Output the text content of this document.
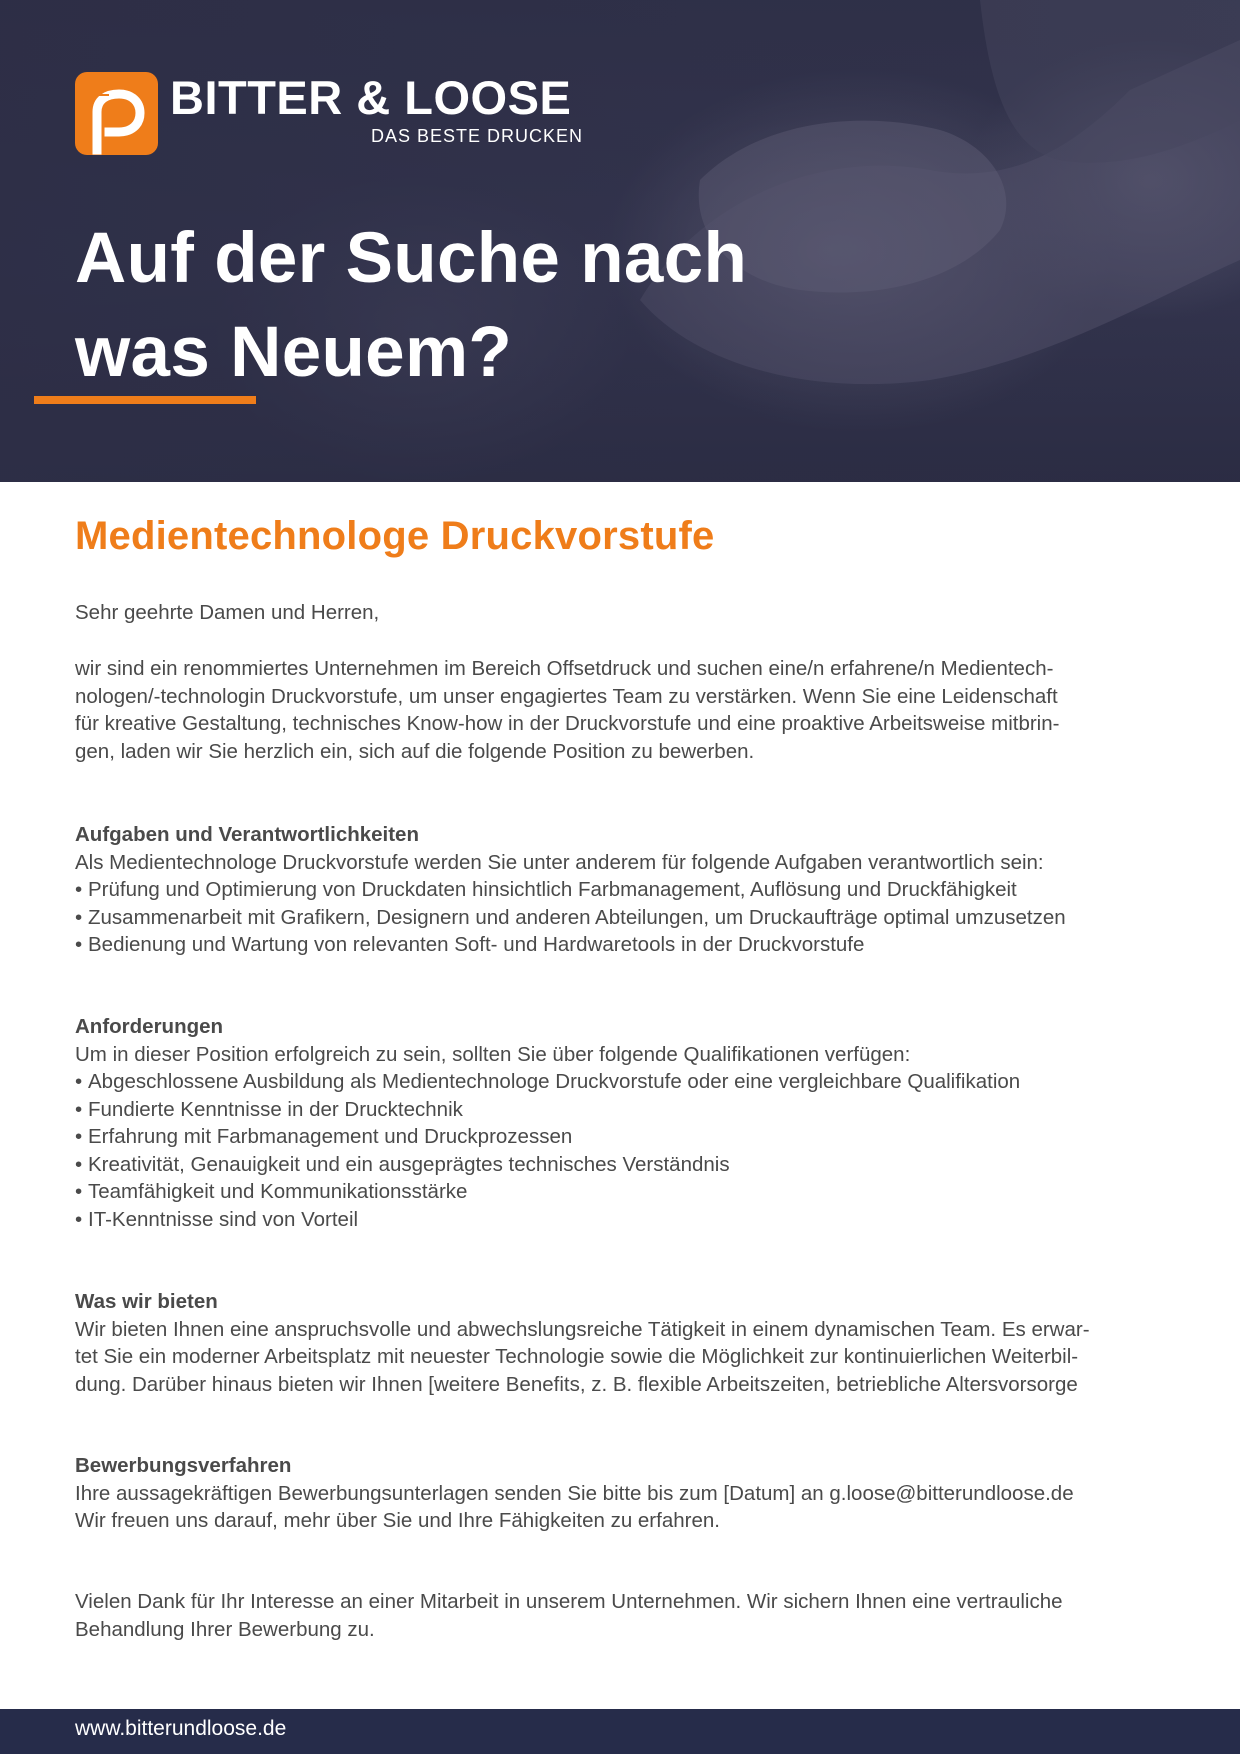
BITTER & LOOSE
DAS BESTE DRUCKEN
Auf der Suche nach
was Neuem?
Medientechnologe Druckvorstufe

Sehr geehrte Damen und Herren,

wir sind ein renommiertes Unternehmen im Bereich Offsetdruck und suchen eine/n erfahrene/n Medientech-
nologen/-technologin Druckvorstufe, um unser engagiertes Team zu verstärken. Wenn Sie eine Leidenschaft
für kreative Gestaltung, technisches Know-how in der Druckvorstufe und eine proaktive Arbeitsweise mitbrin-
gen, laden wir Sie herzlich ein, sich auf die folgende Position zu bewerben.

Aufgaben und Verantwortlichkeiten
Als Medientechnologe Druckvorstufe werden Sie unter anderem für folgende Aufgaben verantwortlich sein:
• Prüfung und Optimierung von Druckdaten hinsichtlich Farbmanagement, Auflösung und Druckfähigkeit
• Zusammenarbeit mit Grafikern, Designern und anderen Abteilungen, um Druckaufträge optimal umzusetzen
• Bedienung und Wartung von relevanten Soft- und Hardwaretools in der Druckvorstufe
Anforderungen
Um in dieser Position erfolgreich zu sein, sollten Sie über folgende Qualifikationen verfügen:
• Abgeschlossene Ausbildung als Medientechnologe Druckvorstufe oder eine vergleichbare Qualifikation
• Fundierte Kenntnisse in der Drucktechnik
• Erfahrung mit Farbmanagement und Druckprozessen
• Kreativität, Genauigkeit und ein ausgeprägtes technisches Verständnis
• Teamfähigkeit und Kommunikationsstärke
• IT-Kenntnisse sind von Vorteil
Was wir bieten
Wir bieten Ihnen eine anspruchsvolle und abwechslungsreiche Tätigkeit in einem dynamischen Team. Es erwar-
tet Sie ein moderner Arbeitsplatz mit neuester Technologie sowie die Möglichkeit zur kontinuierlichen Weiterbil-
dung. Darüber hinaus bieten wir Ihnen [weitere Benefits, z. B. flexible Arbeitszeiten, betriebliche Altersvorsorge
Bewerbungsverfahren
Ihre aussagekräftigen Bewerbungsunterlagen senden Sie bitte bis zum [Datum] an g.loose@bitterundloose.de
Wir freuen uns darauf, mehr über Sie und Ihre Fähigkeiten zu erfahren.

Vielen Dank für Ihr Interesse an einer Mitarbeit in unserem Unternehmen. Wir sichern Ihnen eine vertrauliche
Behandlung Ihrer Bewerbung zu.

www.bitterundloose.de
